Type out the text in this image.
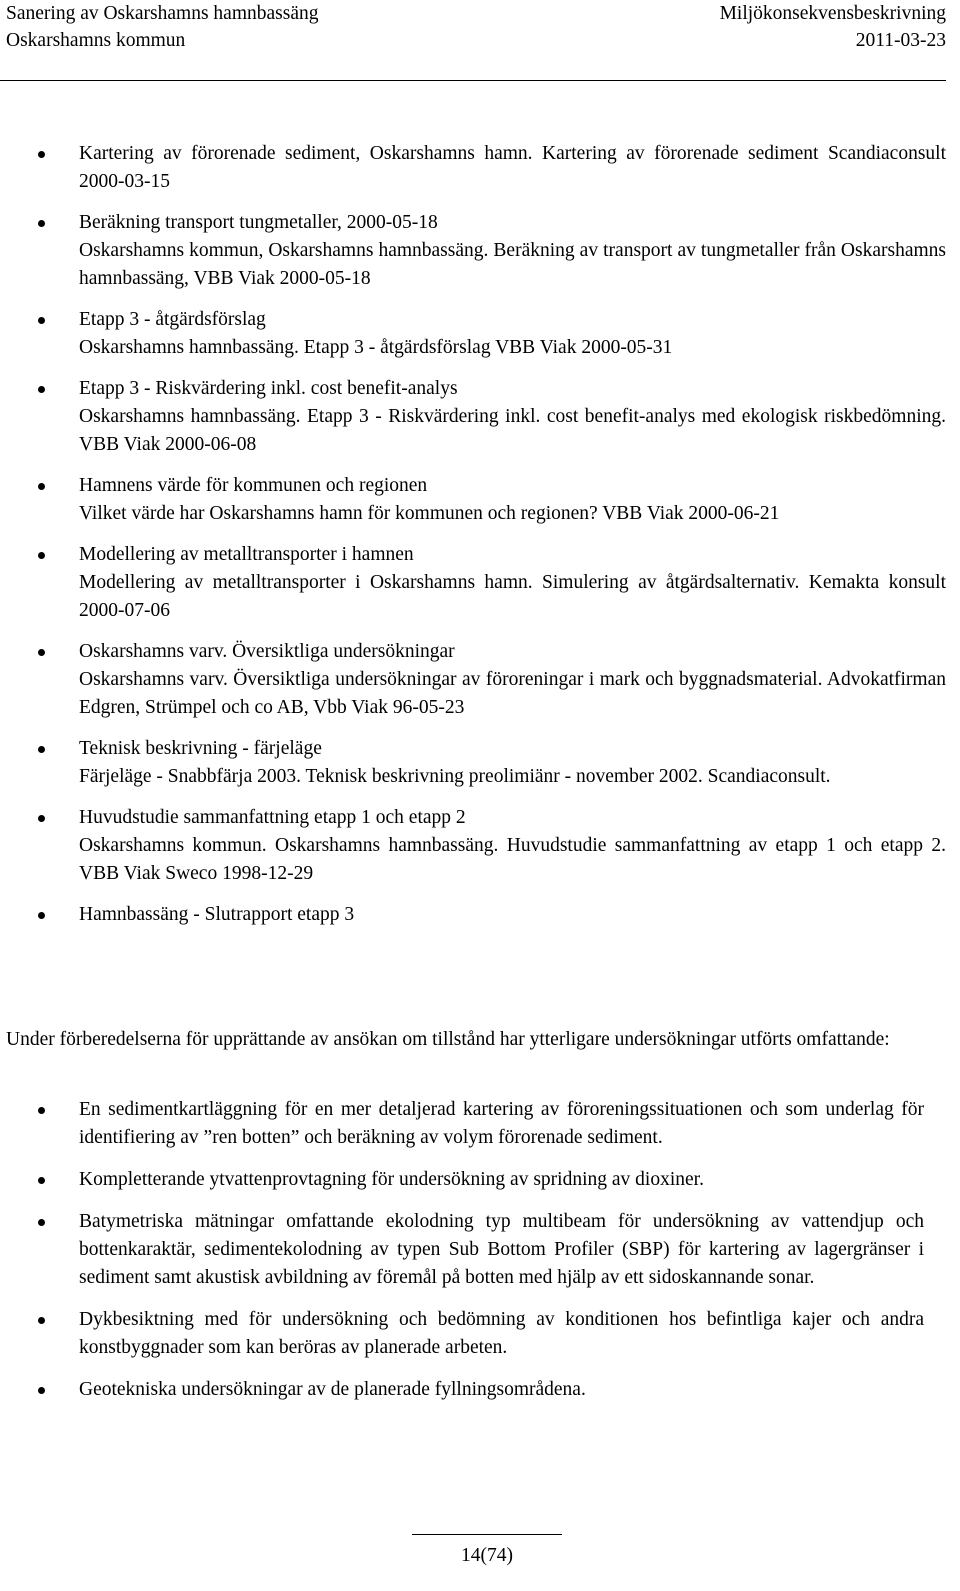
Sanering av Oskarshamns hamnbassäng
Oskarshamns kommun
Miljökonsekvensbeskrivning
2011-03-23
Kartering av förorenade sediment, Oskarshamns hamn. Kartering av förorenade sediment Scandiaconsult 2000-03-15
Beräkning transport tungmetaller, 2000-05-18
Oskarshamns kommun, Oskarshamns hamnbassäng. Beräkning av transport av tungmetaller från Oskarshamns hamnbassäng, VBB Viak 2000-05-18
Etapp 3 - åtgärdsförslag
Oskarshamns hamnbassäng. Etapp 3 - åtgärdsförslag VBB Viak 2000-05-31
Etapp 3 - Riskvärdering inkl. cost benefit-analys
Oskarshamns hamnbassäng. Etapp 3 - Riskvärdering inkl. cost benefit-analys med ekologisk riskbedömning. VBB Viak 2000-06-08
Hamnens värde för kommunen och regionen
Vilket värde har Oskarshamns hamn för kommunen och regionen? VBB Viak 2000-06-21
Modellering av metalltransporter i hamnen
Modellering av metalltransporter i Oskarshamns hamn. Simulering av åtgärdsalternativ. Kemakta konsult 2000-07-06
Oskarshamns varv. Översiktliga undersökningar
Oskarshamns varv. Översiktliga undersökningar av föroreningar i mark och byggnadsmaterial. Advokatfirman Edgren, Strümpel och co AB, Vbb Viak 96-05-23
Teknisk beskrivning - färjeläge
Färjeläge - Snabbfärja 2003. Teknisk beskrivning preolimiänr - november 2002. Scandiaconsult.
Huvudstudie sammanfattning etapp 1 och etapp 2
Oskarshamns kommun. Oskarshamns hamnbassäng. Huvudstudie sammanfattning av etapp 1 och etapp 2. VBB Viak Sweco 1998-12-29
Hamnbassäng - Slutrapport etapp 3
Under förberedelserna för upprättande av ansökan om tillstånd har ytterligare undersökningar utförts omfattande:
En sedimentkartläggning för en mer detaljerad kartering av föroreningssituationen och som underlag för identifiering av ”ren botten” och beräkning av volym förorenade sediment.
Kompletterande ytvattenprovtagning för undersökning av spridning av dioxiner.
Batymetriska mätningar omfattande ekolodning typ multibeam för undersökning av vattendjup och bottenkaraktär, sedimentekolodning av typen Sub Bottom Profiler (SBP) för kartering av lagergränser i sediment samt akustisk avbildning av föremål på botten med hjälp av ett sidoskannande sonar.
Dykbesiktning med för undersökning och bedömning av konditionen hos befintliga kajer och andra konstbyggnader som kan beröras av planerade arbeten.
Geotekniska undersökningar av de planerade fyllningsområdena.
14(74)
